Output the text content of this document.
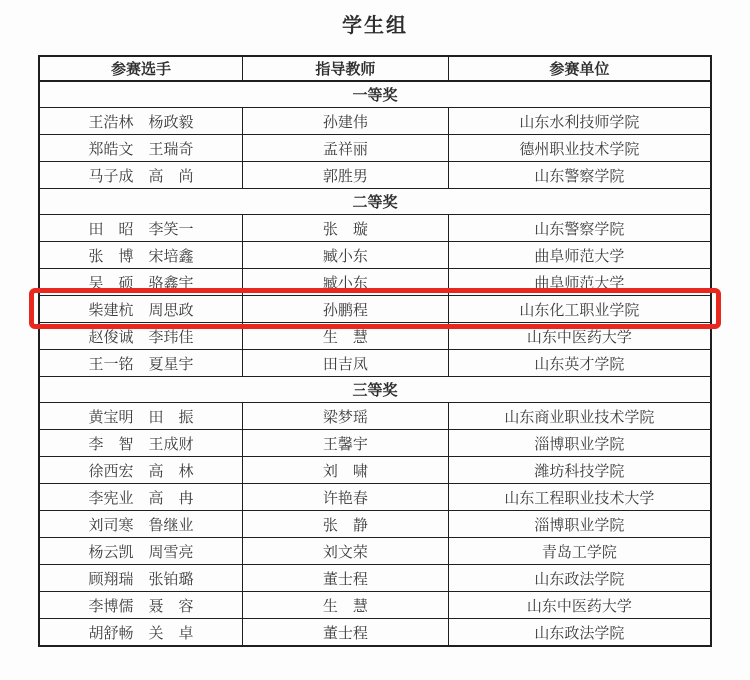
学生组
参赛选手	指导教师	参赛单位
一等奖		
王浩林　杨政毅	孙建伟	山东水利技师学院
郑皓文　王瑞奇	孟祥丽	德州职业技术学院
马子成　高　尚	郭胜男	山东警察学院
二等奖		
田　昭　李笑一	张　璇	山东警察学院
张　博　宋培鑫	臧小东	曲阜师范大学
吴　硕　骆鑫宇	臧小东	曲阜师范大学
柴建杭　周思政	孙鹏程	山东化工职业学院
赵俊诚　李玮佳	生　慧	山东中医药大学
王一铭　夏星宇	田吉凤	山东英才学院
三等奖		
黄宝明　田　振	梁梦瑶	山东商业职业技术学院
李　智　王成财	王馨宇	淄博职业学院
徐西宏　高　林	刘　啸	潍坊科技学院
李宪业　高　冉	许艳春	山东工程职业技术大学
刘司寒　鲁继业	张　静	淄博职业学院
杨云凯　周雪亮	刘文荣	青岛工学院
顾翔瑞　张铂璐	董士程	山东政法学院
李博儒　聂　容	生　慧	山东中医药大学
胡舒畅　关　卓	董士程	山东政法学院
